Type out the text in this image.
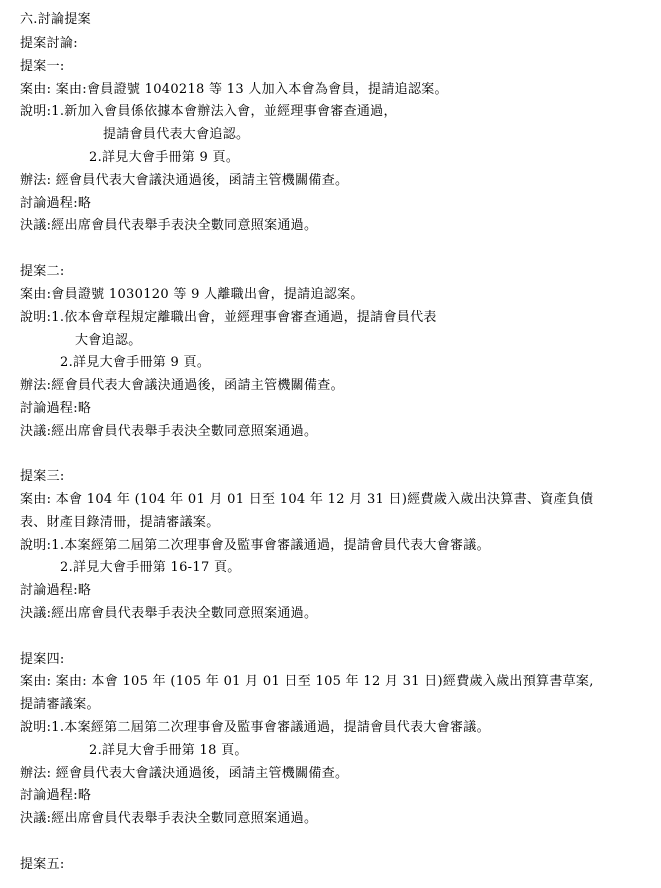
六.討論提案
提案討論:
提案一:
案由: 案由:會員證號 1040218 等 13 人加入本會為會員，提請追認案。
說明:1.新加入會員係依據本會辦法入會，並經理事會審查通過，
提請會員代表大會追認。
2.詳見大會手冊第 9 頁。
辦法: 經會員代表大會議決通過後，函請主管機關備查。
討論過程:略
決議:經出席會員代表舉手表決全數同意照案通過。
提案二:
案由:會員證號 1030120 等 9 人離職出會，提請追認案。
說明:1.依本會章程規定離職出會，並經理事會審查通過，提請會員代表
大會追認。
2.詳見大會手冊第 9 頁。
辦法:經會員代表大會議決通過後，函請主管機關備查。
討論過程:略
決議:經出席會員代表舉手表決全數同意照案通過。
提案三:
案由: 本會 104 年 (104 年 01 月 01 日至 104 年 12 月 31 日)經費歲入歲出決算書、資產負債
表、財產目錄清冊，提請審議案。
說明:1.本案經第二屆第二次理事會及監事會審議通過，提請會員代表大會審議。
2.詳見大會手冊第 16-17 頁。
討論過程:略
決議:經出席會員代表舉手表決全數同意照案通過。
提案四:
案由: 案由: 本會 105 年 (105 年 01 月 01 日至 105 年 12 月 31 日)經費歲入歲出預算書草案,
提請審議案。
說明:1.本案經第二屆第二次理事會及監事會審議通過，提請會員代表大會審議。
2.詳見大會手冊第 18 頁。
辦法: 經會員代表大會議決通過後，函請主管機關備查。
討論過程:略
決議:經出席會員代表舉手表決全數同意照案通過。
提案五:
